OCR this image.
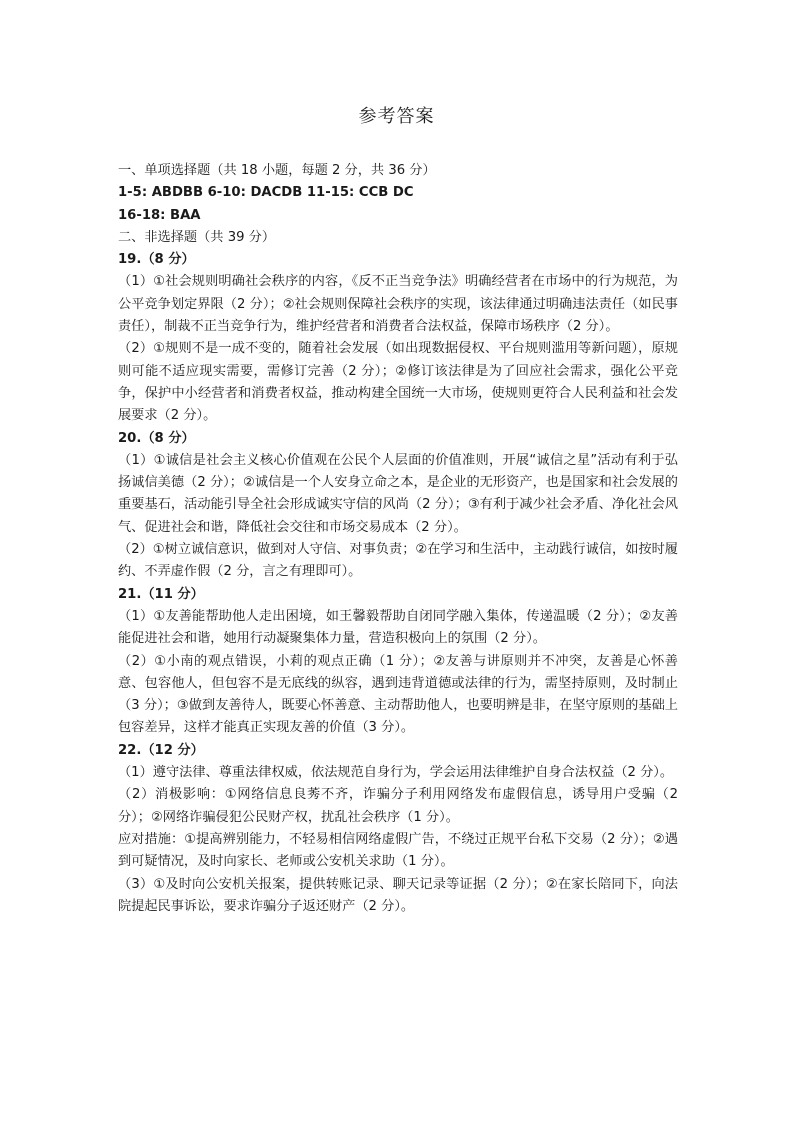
参考答案
一、单项选择题（共 18 小题，每题 2 分，共 36 分）
1-5: ABDBB 6-10: DACDB 11-15: CCB DC
16-18: BAA
二、非选择题（共 39 分）
19.（8 分）
（1）①社会规则明确社会秩序的内容，《反不正当竞争法》明确经营者在市场中的行为规范，为公平竞争划定界限（2 分）；②社会规则保障社会秩序的实现，该法律通过明确违法责任（如民事责任），制裁不正当竞争行为，维护经营者和消费者合法权益，保障市场秩序（2 分）。
（2）①规则不是一成不变的，随着社会发展（如出现数据侵权、平台规则滥用等新问题），原规则可能不适应现实需要，需修订完善（2 分）；②修订该法律是为了回应社会需求，强化公平竞争，保护中小经营者和消费者权益，推动构建全国统一大市场，使规则更符合人民利益和社会发展要求（2 分）。
20.（8 分）
（1）①诚信是社会主义核心价值观在公民个人层面的价值准则，开展“诚信之星”活动有利于弘扬诚信美德（2 分）；②诚信是一个人安身立命之本，是企业的无形资产，也是国家和社会发展的重要基石，活动能引导全社会形成诚实守信的风尚（2 分）；③有利于减少社会矛盾、净化社会风气、促进社会和谐，降低社会交往和市场交易成本（2 分）。
（2）①树立诚信意识，做到对人守信、对事负责；②在学习和生活中，主动践行诚信，如按时履约、不弄虚作假（2 分，言之有理即可）。
21.（11 分）
（1）①友善能帮助他人走出困境，如王馨毅帮助自闭同学融入集体，传递温暖（2 分）；②友善能促进社会和谐，她用行动凝聚集体力量，营造积极向上的氛围（2 分）。
（2）①小南的观点错误，小莉的观点正确（1 分）；②友善与讲原则并不冲突，友善是心怀善意、包容他人，但包容不是无底线的纵容，遇到违背道德或法律的行为，需坚持原则，及时制止（3 分）；③做到友善待人，既要心怀善意、主动帮助他人，也要明辨是非，在坚守原则的基础上包容差异，这样才能真正实现友善的价值（3 分）。
22.（12 分）
（1）遵守法律、尊重法律权威，依法规范自身行为，学会运用法律维护自身合法权益（2 分）。
（2）消极影响：①网络信息良莠不齐，诈骗分子利用网络发布虚假信息，诱导用户受骗（2 分）；②网络诈骗侵犯公民财产权，扰乱社会秩序（1 分）。
应对措施：①提高辨别能力，不轻易相信网络虚假广告，不绕过正规平台私下交易（2 分）；②遇到可疑情况，及时向家长、老师或公安机关求助（1 分）。
（3）①及时向公安机关报案，提供转账记录、聊天记录等证据（2 分）；②在家长陪同下，向法院提起民事诉讼，要求诈骗分子返还财产（2 分）。
